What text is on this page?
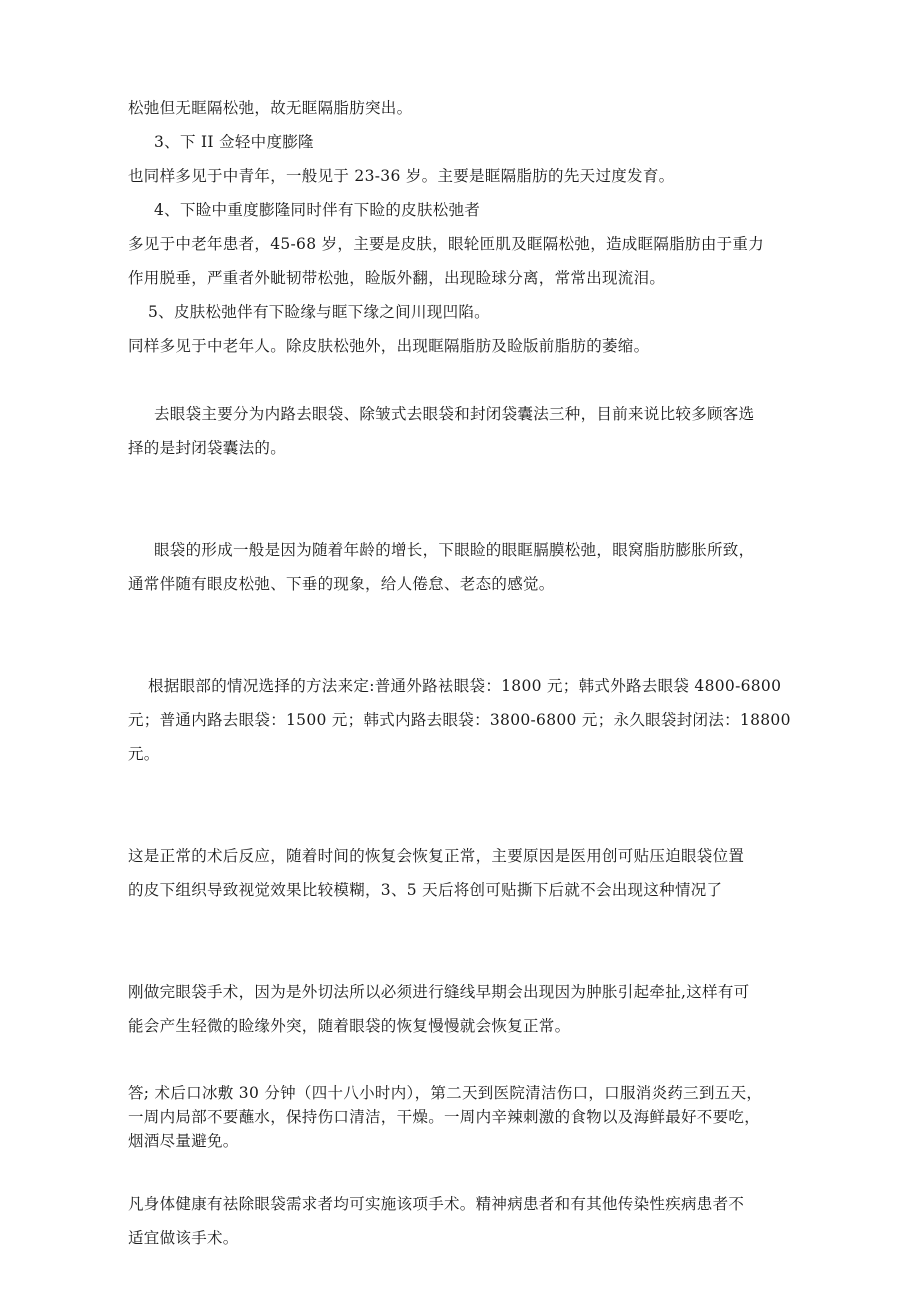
松弛但无眶隔松弛，故无眶隔脂肪突出。

3、下 II 佥轻中度膨隆

也同样多见于中青年，一般见于 23-36 岁。主要是眶隔脂肪的先天过度发育。

4、下睑中重度膨隆同时伴有下睑的皮肤松弛者

多见于中老年患者，45-68 岁，主要是皮肤，眼轮匝肌及眶隔松弛，造成眶隔脂肪由于重力
作用脱垂，严重者外眦韧带松弛，睑版外翻，出现睑球分离，常常出现流泪。

5、皮肤松弛伴有下睑缘与眶下缘之间川现凹陷。

同样多见于中老年人。除皮肤松弛外，出现眶隔脂肪及睑版前脂肪的萎缩。

去眼袋主要分为内路去眼袋、除皱式去眼袋和封闭袋囊法三种，目前来说比较多顾客选

择的是封闭袋囊法的。

眼袋的形成一般是因为随着年龄的增长，下眼睑的眼眶膈膜松弛，眼窝脂肪膨胀所致，

通常伴随有眼皮松弛、下垂的现象，给人倦怠、老态的感觉。

根据眼部的情况选择的方法来定:普通外路袪眼袋：1800 元；韩式外路去眼袋 4800-6800

元；普通内路去眼袋：1500 元；韩式内路去眼袋：3800-6800 元；永久眼袋封闭法：18800
元。

这是正常的术后反应，随着时间的恢复会恢复正常，主要原因是医用创可贴压迫眼袋位置
的皮下组织导致视觉效果比较模糊，3、5 天后将创可贴撕下后就不会出现这种情况了

刚做完眼袋手术，因为是外切法所以必须进行缝线早期会出现因为肿胀引起牵扯,这样有可
能会产生轻微的睑缘外突，随着眼袋的恢复慢慢就会恢复正常。

答; 术后口冰敷 30 分钟（四十八小时内），第二天到医院清洁伤口，口服消炎药三到五天，
一周内局部不要蘸水，保持伤口清洁，干燥。一周内辛辣刺激的食物以及海鲜最好不要吃，
烟酒尽量避免。

凡身体健康有祛除眼袋需求者均可实施该项手术。精神病患者和有其他传染性疾病患者不
适宜做该手术。
